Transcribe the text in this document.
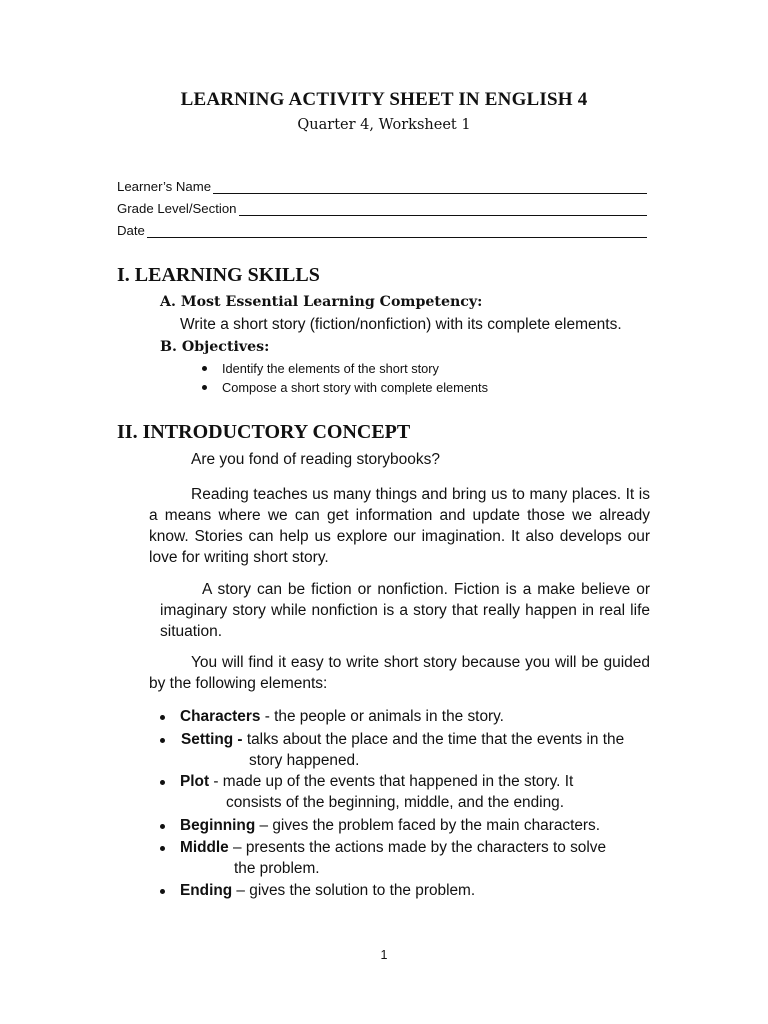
LEARNING ACTIVITY SHEET IN ENGLISH 4
Quarter 4, Worksheet 1
Learner’s Name
Grade Level/Section
Date
I. LEARNING SKILLS
A. Most Essential Learning Competency:
Write a short story (fiction/nonfiction) with its complete elements.
B. Objectives:
Identify the elements of the short story
Compose a short story with complete elements
II. INTRODUCTORY CONCEPT
Are you fond of reading storybooks?

Reading teaches us many things and bring us to many places. It is a means where we can get information and update those we already know. Stories can help us explore our imagination. It also develops our love for writing short story.

A story can be fiction or nonfiction. Fiction is a make believe or imaginary story while nonfiction is a story that really happen in real life situation.

You will find it easy to write short story because you will be guided by the following elements:

Characters - the people or animals in the story.
Setting - talks about the place and the time that the events in the
story happened.
Plot - made up of the events that happened in the story. It
consists of the beginning, middle, and the ending.
Beginning – gives the problem faced by the main characters.
Middle – presents the actions made by the characters to solve
the problem.
Ending – gives the solution to the problem.
1
